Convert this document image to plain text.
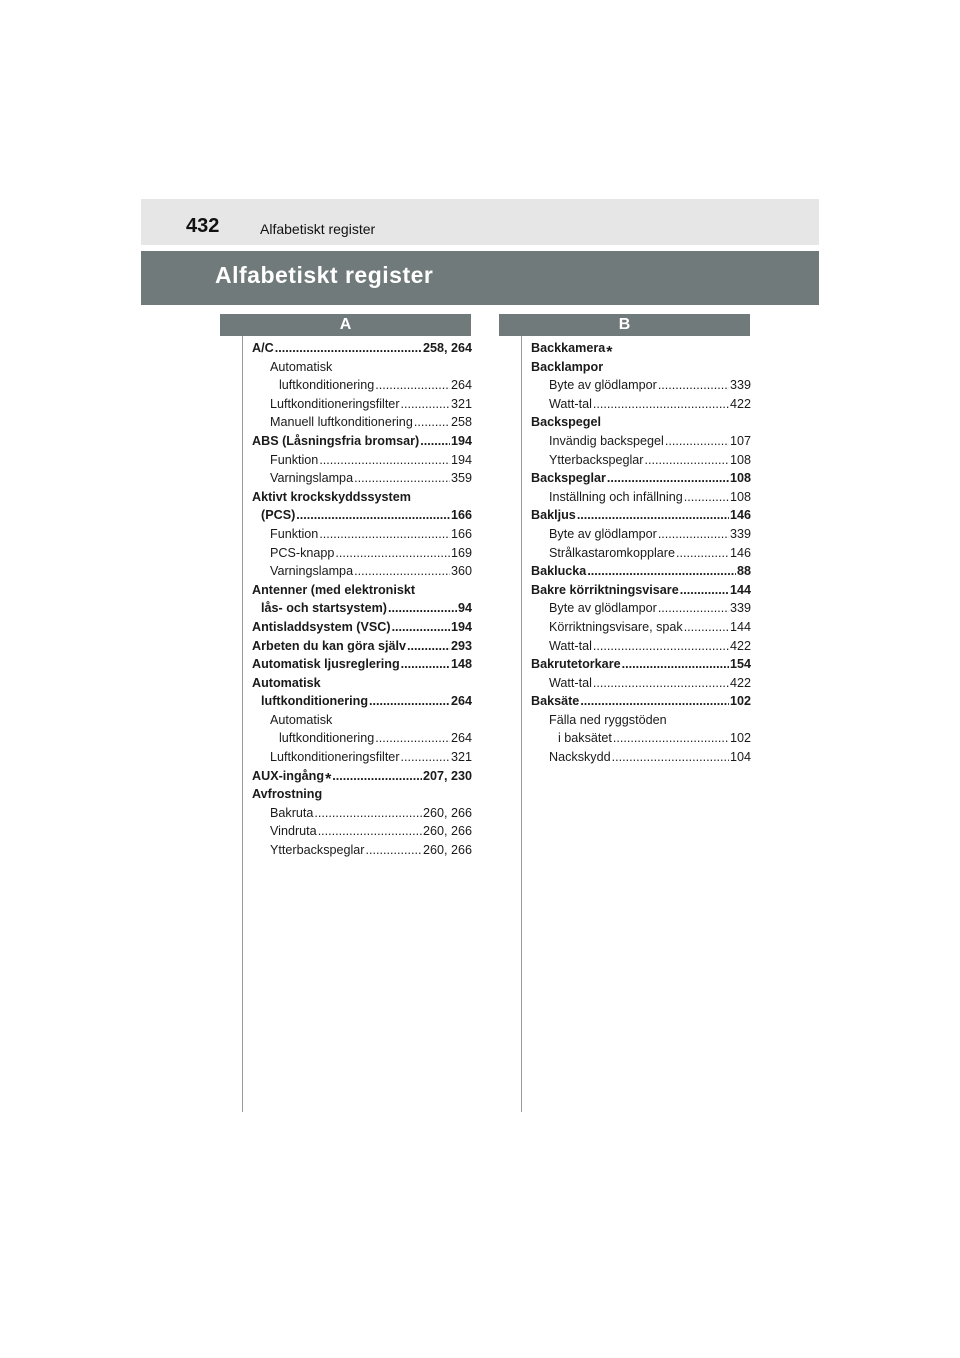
432	Alfabetiskt register
Alfabetiskt register
A	B
A/C .....	258, 264
Automatisk
luftkonditionering .....	264
Luftkonditioneringsfilter .....	321
Manuell luftkonditionering .....	258
ABS (Låsningsfria bromsar) .....	194
Funktion .....	194
Varningslampa .....	359
Aktivt krockskyddssystem
(PCS) .....	166
Funktion .....	166
PCS-knapp .....	169
Varningslampa .....	360
Antenner (med elektroniskt
lås- och startsystem) .....	94
Antisladdsystem (VSC) .....	194
Arbeten du kan göra själv .....	293
Automatisk ljusreglering .....	148
Automatisk
luftkonditionering .....	264
Automatisk
luftkonditionering .....	264
Luftkonditioneringsfilter .....	321
AUX-ingång * .....	207, 230
Avfrostning
Bakruta .....	260, 266
Vindruta .....	260, 266
Ytterbackspeglar .....	260, 266
Backkamera *
Backlampor
Byte av glödlampor .....	339
Watt-tal .....	422
Backspegel
Invändig backspegel .....	107
Ytterbackspeglar .....	108
Backspeglar .....	108
Inställning och infällning .....	108
Bakljus .....	146
Byte av glödlampor .....	339
Strålkastaromkopplare .....	146
Baklucka .....	88
Bakre körriktningsvisare .....	144
Byte av glödlampor .....	339
Körriktningsvisare, spak .....	144
Watt-tal .....	422
Bakrutetorkare .....	154
Watt-tal .....	422
Baksäte .....	102
Fälla ned ryggstöden
i baksätet .....	102
Nackskydd .....	104
